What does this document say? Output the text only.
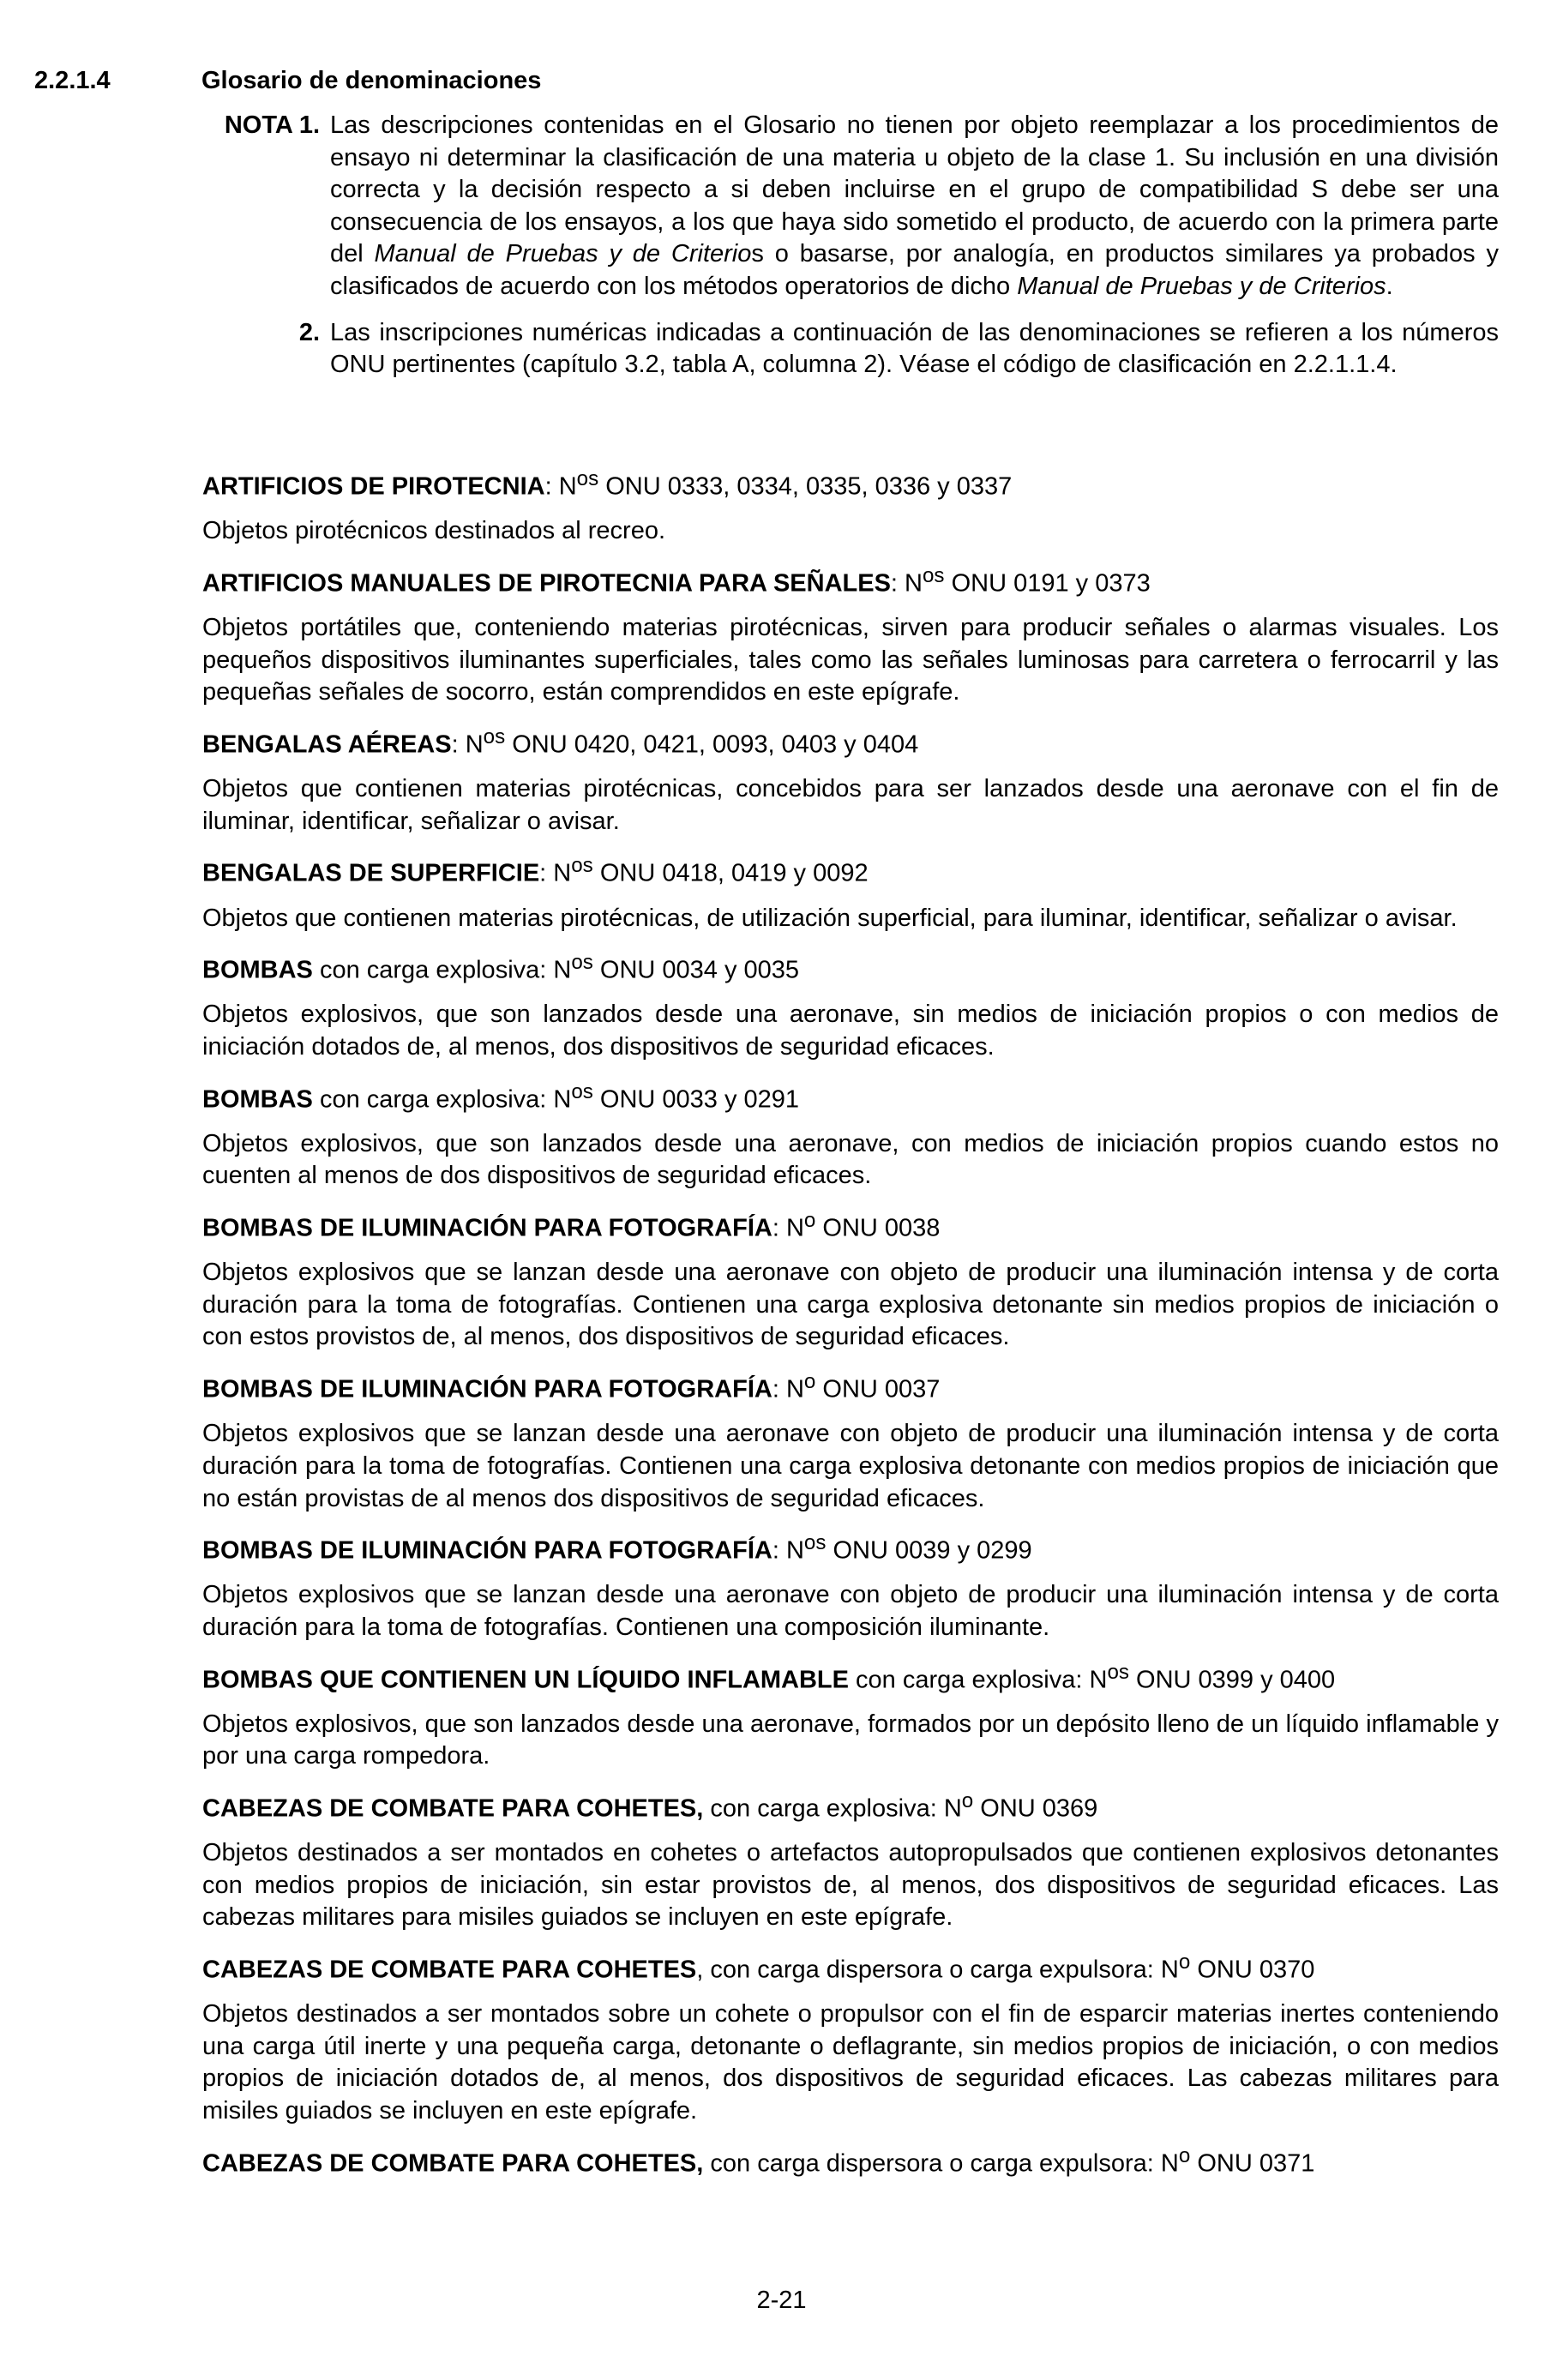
2.2.1.4	Glosario de denominaciones
NOTA 1. Las descripciones contenidas en el Glosario no tienen por objeto reemplazar a los procedimientos de ensayo ni determinar la clasificación de una materia u objeto de la clase 1. Su inclusión en una división correcta y la decisión respecto a si deben incluirse en el grupo de compatibilidad S debe ser una consecuencia de los ensayos, a los que haya sido sometido el producto, de acuerdo con la primera parte del Manual de Pruebas y de Criterios o basarse, por analogía, en productos similares ya probados y clasificados de acuerdo con los métodos operatorios de dicho Manual de Pruebas y de Criterios.
2. Las inscripciones numéricas indicadas a continuación de las denominaciones se refieren a los números ONU pertinentes (capítulo 3.2, tabla A, columna 2). Véase el código de clasificación en 2.2.1.1.4.

ARTIFICIOS DE PIROTECNIA: $N^{os}$ ONU 0333, 0334, 0335, 0336 y 0337

Objetos pirotécnicos destinados al recreo.

ARTIFICIOS MANUALES DE PIROTECNIA PARA SEÑALES: $N^{os}$ ONU 0191 y 0373

Objetos portátiles que, conteniendo materias pirotécnicas, sirven para producir señales o alarmas visuales. Los pequeños dispositivos iluminantes superficiales, tales como las señales luminosas para carretera o ferrocarril y las pequeñas señales de socorro, están comprendidos en este epígrafe.

BENGALAS AÉREAS: $N^{os}$ ONU 0420, 0421, 0093, 0403 y 0404

Objetos que contienen materias pirotécnicas, concebidos para ser lanzados desde una aeronave con el fin de iluminar, identificar, señalizar o avisar.

BENGALAS DE SUPERFICIE: $N^{os}$ ONU 0418, 0419 y 0092

Objetos que contienen materias pirotécnicas, de utilización superficial, para iluminar, identificar, señalizar o avisar.

BOMBAS con carga explosiva: $N^{os}$ ONU 0034 y 0035

Objetos explosivos, que son lanzados desde una aeronave, sin medios de iniciación propios o con medios de iniciación dotados de, al menos, dos dispositivos de seguridad eficaces.

BOMBAS con carga explosiva: $N^{os}$ ONU 0033 y 0291

Objetos explosivos, que son lanzados desde una aeronave, con medios de iniciación propios cuando estos no cuenten al menos de dos dispositivos de seguridad eficaces.

BOMBAS DE ILUMINACIÓN PARA FOTOGRAFÍA: $N^o$ ONU 0038

Objetos explosivos que se lanzan desde una aeronave con objeto de producir una iluminación intensa y de corta duración para la toma de fotografías. Contienen una carga explosiva detonante sin medios propios de iniciación o con estos provistos de, al menos, dos dispositivos de seguridad eficaces.

BOMBAS DE ILUMINACIÓN PARA FOTOGRAFÍA: $N^o$ ONU 0037

Objetos explosivos que se lanzan desde una aeronave con objeto de producir una iluminación intensa y de corta duración para la toma de fotografías. Contienen una carga explosiva detonante con medios propios de iniciación que no están provistas de al menos dos dispositivos de seguridad eficaces.

BOMBAS DE ILUMINACIÓN PARA FOTOGRAFÍA: $N^{os}$ ONU 0039 y 0299

Objetos explosivos que se lanzan desde una aeronave con objeto de producir una iluminación intensa y de corta duración para la toma de fotografías. Contienen una composición iluminante.

BOMBAS QUE CONTIENEN UN LÍQUIDO INFLAMABLE con carga explosiva: $N^{os}$ ONU 0399 y 0400

Objetos explosivos, que son lanzados desde una aeronave, formados por un depósito lleno de un líquido inflamable y por una carga rompedora.

CABEZAS DE COMBATE PARA COHETES, con carga explosiva: $N^o$ ONU 0369

Objetos destinados a ser montados en cohetes o artefactos autopropulsados que contienen explosivos detonantes con medios propios de iniciación, sin estar provistos de, al menos, dos dispositivos de seguridad eficaces. Las cabezas militares para misiles guiados se incluyen en este epígrafe.

CABEZAS DE COMBATE PARA COHETES, con carga dispersora o carga expulsora: $N^o$ ONU 0370

Objetos destinados a ser montados sobre un cohete o propulsor con el fin de esparcir materias inertes conteniendo una carga útil inerte y una pequeña carga, detonante o deflagrante, sin medios propios de iniciación, o con medios propios de iniciación dotados de, al menos, dos dispositivos de seguridad eficaces. Las cabezas militares para misiles guiados se incluyen en este epígrafe.

CABEZAS DE COMBATE PARA COHETES, con carga dispersora o carga expulsora: $N^o$ ONU 0371

2-21
